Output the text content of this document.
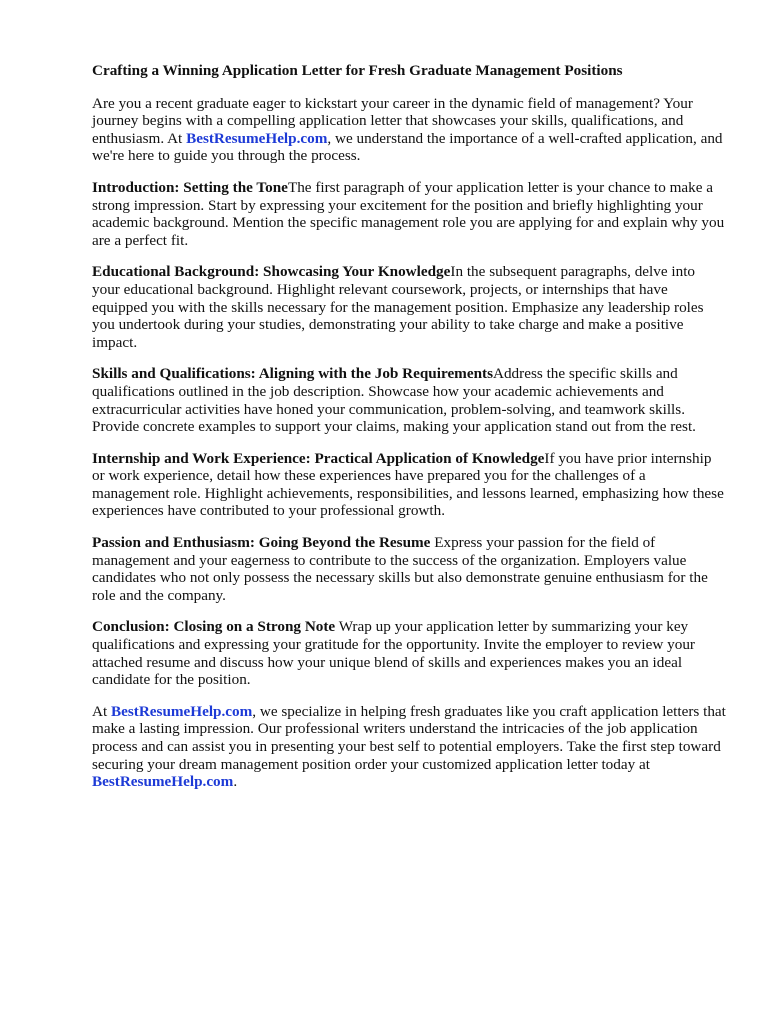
Crafting a Winning Application Letter for Fresh Graduate Management Positions

Are you a recent graduate eager to kickstart your career in the dynamic field of management? Your journey begins with a compelling application letter that showcases your skills, qualifications, and enthusiasm. At BestResumeHelp.com, we understand the importance of a well-crafted application, and we're here to guide you through the process.

Introduction: Setting the ToneThe first paragraph of your application letter is your chance to make a strong impression. Start by expressing your excitement for the position and briefly highlighting your academic background. Mention the specific management role you are applying for and explain why you are a perfect fit.

Educational Background: Showcasing Your KnowledgeIn the subsequent paragraphs, delve into your educational background. Highlight relevant coursework, projects, or internships that have equipped you with the skills necessary for the management position. Emphasize any leadership roles you undertook during your studies, demonstrating your ability to take charge and make a positive impact.

Skills and Qualifications: Aligning with the Job RequirementsAddress the specific skills and qualifications outlined in the job description. Showcase how your academic achievements and extracurricular activities have honed your communication, problem-solving, and teamwork skills. Provide concrete examples to support your claims, making your application stand out from the rest.

Internship and Work Experience: Practical Application of KnowledgeIf you have prior internship or work experience, detail how these experiences have prepared you for the challenges of a management role. Highlight achievements, responsibilities, and lessons learned, emphasizing how these experiences have contributed to your professional growth.

Passion and Enthusiasm: Going Beyond the Resume Express your passion for the field of management and your eagerness to contribute to the success of the organization. Employers value candidates who not only possess the necessary skills but also demonstrate genuine enthusiasm for the role and the company.

Conclusion: Closing on a Strong Note Wrap up your application letter by summarizing your key qualifications and expressing your gratitude for the opportunity. Invite the employer to review your attached resume and discuss how your unique blend of skills and experiences makes you an ideal candidate for the position.

At BestResumeHelp.com, we specialize in helping fresh graduates like you craft application letters that make a lasting impression. Our professional writers understand the intricacies of the job application process and can assist you in presenting your best self to potential employers. Take the first step toward securing your dream management position order your customized application letter today at BestResumeHelp.com.
